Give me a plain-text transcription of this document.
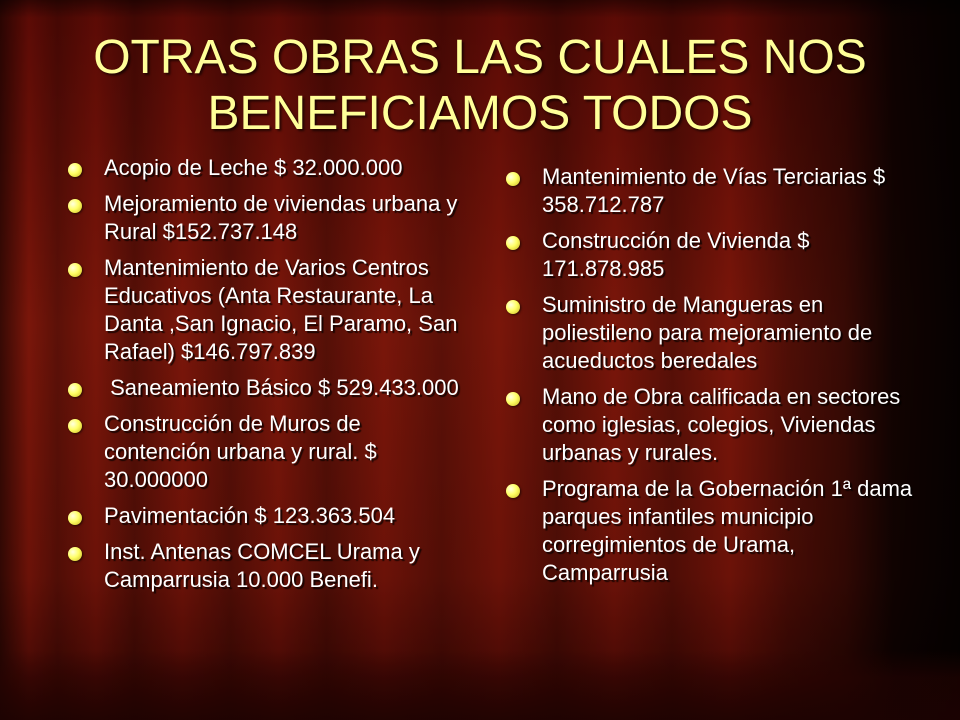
OTRAS OBRAS LAS CUALES NOS BENEFICIAMOS TODOS
Acopio de Leche $ 32.000.000
Mejoramiento de viviendas urbana y Rural $152.737.148
Mantenimiento de Varios Centros Educativos (Anta Restaurante, La Danta ,San Ignacio, El Paramo, San Rafael) $146.797.839
Saneamiento Básico $ 529.433.000
Construcción de Muros de contención urbana y rural. $ 30.000000
Pavimentación $ 123.363.504
Inst. Antenas COMCEL Urama y Camparrusia 10.000 Benefi.
Mantenimiento de Vías Terciarias $ 358.712.787
Construcción de Vivienda $ 171.878.985
Suministro de Mangueras en poliestileno para mejoramiento de acueductos beredales
Mano de Obra calificada en sectores como iglesias, colegios, Viviendas urbanas y rurales.
Programa de la Gobernación 1ª dama parques infantiles municipio corregimientos de Urama, Camparrusia
